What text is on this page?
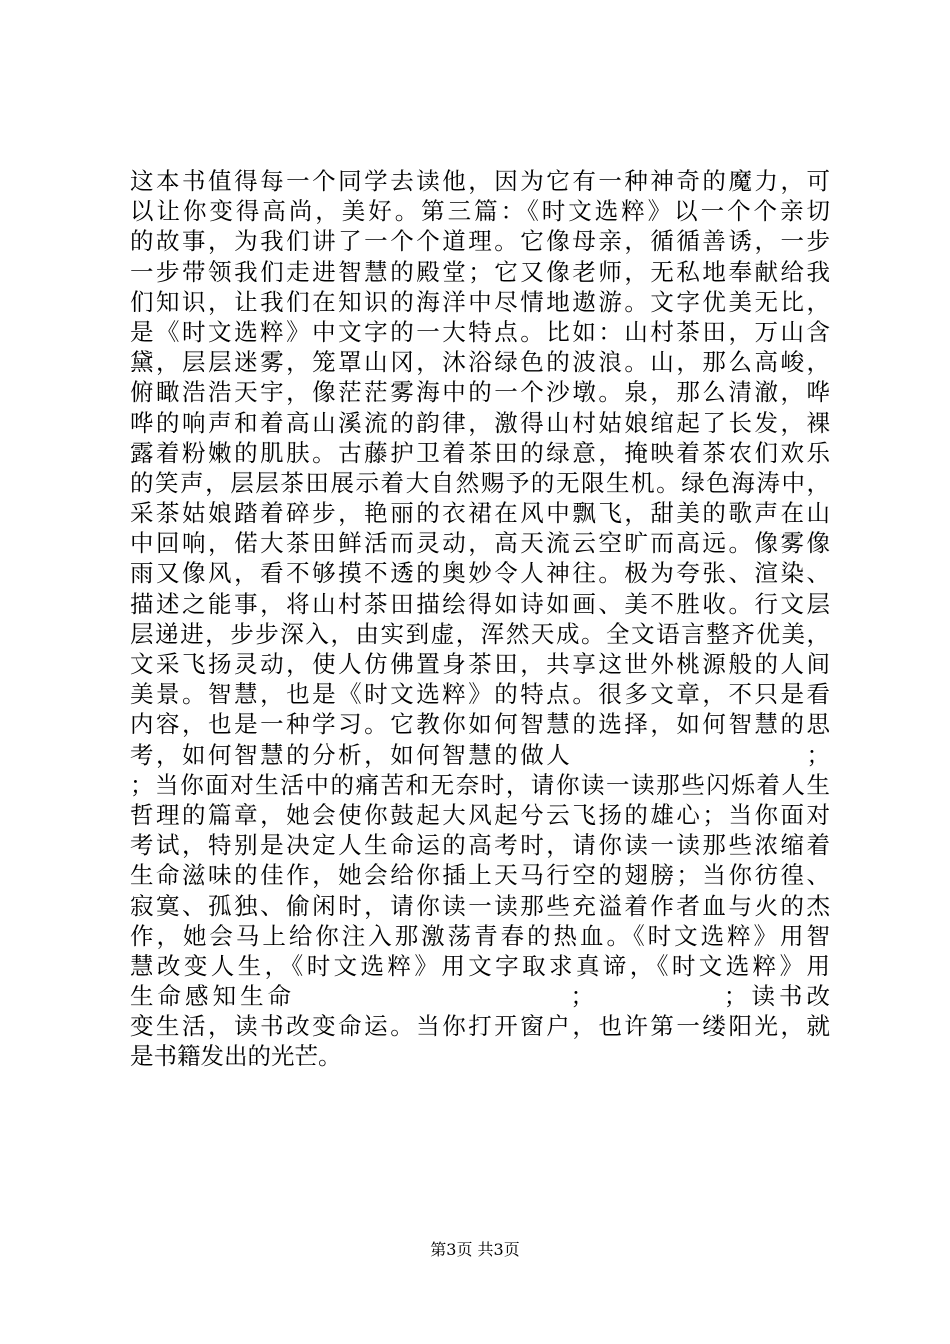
这本书值得每一个同学去读他，因为它有一种神奇的魔力，可
以让你变得高尚，美好。第三篇：《时文选粹》以一个个亲切
的故事，为我们讲了一个个道理。它像母亲，循循善诱，一步
一步带领我们走进智慧的殿堂；它又像老师，无私地奉献给我
们知识，让我们在知识的海洋中尽情地遨游。文字优美无比，
是《时文选粹》中文字的一大特点。比如：山村茶田，万山含
黛，层层迷雾，笼罩山冈，沐浴绿色的波浪。山，那么高峻，
俯瞰浩浩天宇，像茫茫雾海中的一个沙墩。泉，那么清澈，哗
哗的响声和着高山溪流的韵律，激得山村姑娘绾起了长发，裸
露着粉嫩的肌肤。古藤护卫着茶田的绿意，掩映着茶农们欢乐
的笑声，层层茶田展示着大自然赐予的无限生机。绿色海涛中，
采茶姑娘踏着碎步，艳丽的衣裙在风中飘飞，甜美的歌声在山
中回响，偌大茶田鲜活而灵动，高天流云空旷而高远。像雾像
雨又像风，看不够摸不透的奥妙令人神往。极为夸张、渲染、
描述之能事，将山村茶田描绘得如诗如画、美不胜收。行文层
层递进，步步深入，由实到虚，浑然天成。全文语言整齐优美，
文采飞扬灵动，使人仿佛置身茶田，共享这世外桃源般的人间
美景。智慧，也是《时文选粹》的特点。很多文章，不只是看
内容，也是一种学习。它教你如何智慧的选择，如何智慧的思
考，如何智慧的分析，如何智慧的做人　　　　　　　　　；
；当你面对生活中的痛苦和无奈时，请你读一读那些闪烁着人生
哲理的篇章，她会使你鼓起大风起兮云飞扬的雄心；当你面对
考试，特别是决定人生命运的高考时，请你读一读那些浓缩着
生命滋味的佳作，她会给你插上天马行空的翅膀；当你彷徨、
寂寞、孤独、偷闲时，请你读一读那些充溢着作者血与火的杰
作，她会马上给你注入那激荡青春的热血。《时文选粹》用智
慧改变人生，《时文选粹》用文字取求真谛，《时文选粹》用
生命感知生命　　　　　　　　　　；　　　　　；读书改
变生活，读书改变命运。当你打开窗户，也许第一缕阳光，就
是书籍发出的光芒。
第3页 共3页
